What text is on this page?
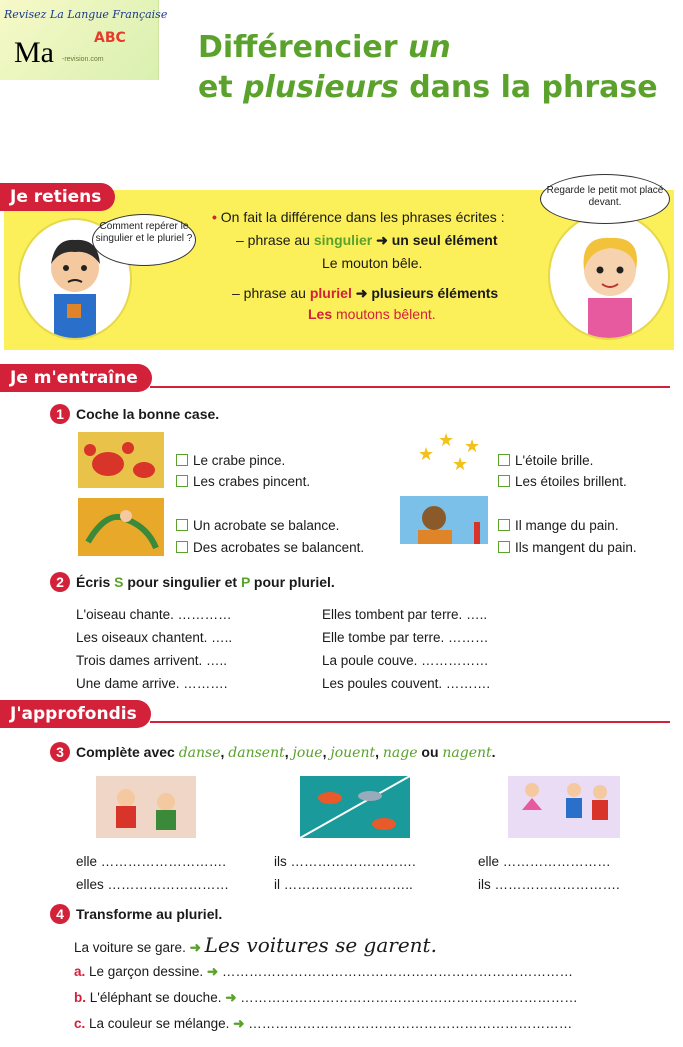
Revisez La Langue Française
Ma	ABC
-revision.com	Différencier un
et plusieurs dans la phrase
Je retiens
Comment repérer le singulier et le pluriel ?
Regarde le petit mot placé devant.
• On fait la différence dans les phrases écrites :
– phrase au singulier ➜ un seul élément
Le mouton bêle.
– phrase au pluriel ➜ plusieurs éléments
Les moutons bêlent.
Je m'entraîne
1 Coche la bonne case.
Le crabe pince.
Les crabes pincent.
★
★
★
★
L'étoile brille.
Les étoiles brillent.
Un acrobate se balance.
Des acrobates se balancent.
Il mange du pain.
Ils mangent du pain.
2 Écris S pour singulier et P pour pluriel.
L'oiseau chante. …………
Les oiseaux chantent. …..
Trois dames arrivent. …..
Une dame arrive. ……….
Elles tombent par terre. …..
Elle tombe par terre. ………
La poule couve. ……………
Les poules couvent. ……….
J'approfondis
3 Complète avec danse, dansent, joue, jouent, nage ou nagent.
elle ……………………….
elles ………………………
ils ……………………….
il ………………………..
elle ……………………
ils ……………………….
4 Transforme au pluriel.
La voiture se gare. ➜ Les voitures se garent.
a. Le garçon dessine. ➜ ……………………………………………………………………
b. L'éléphant se douche. ➜ …………………………………………………………………
c. La couleur se mélange. ➜ ………………………………………………………………
